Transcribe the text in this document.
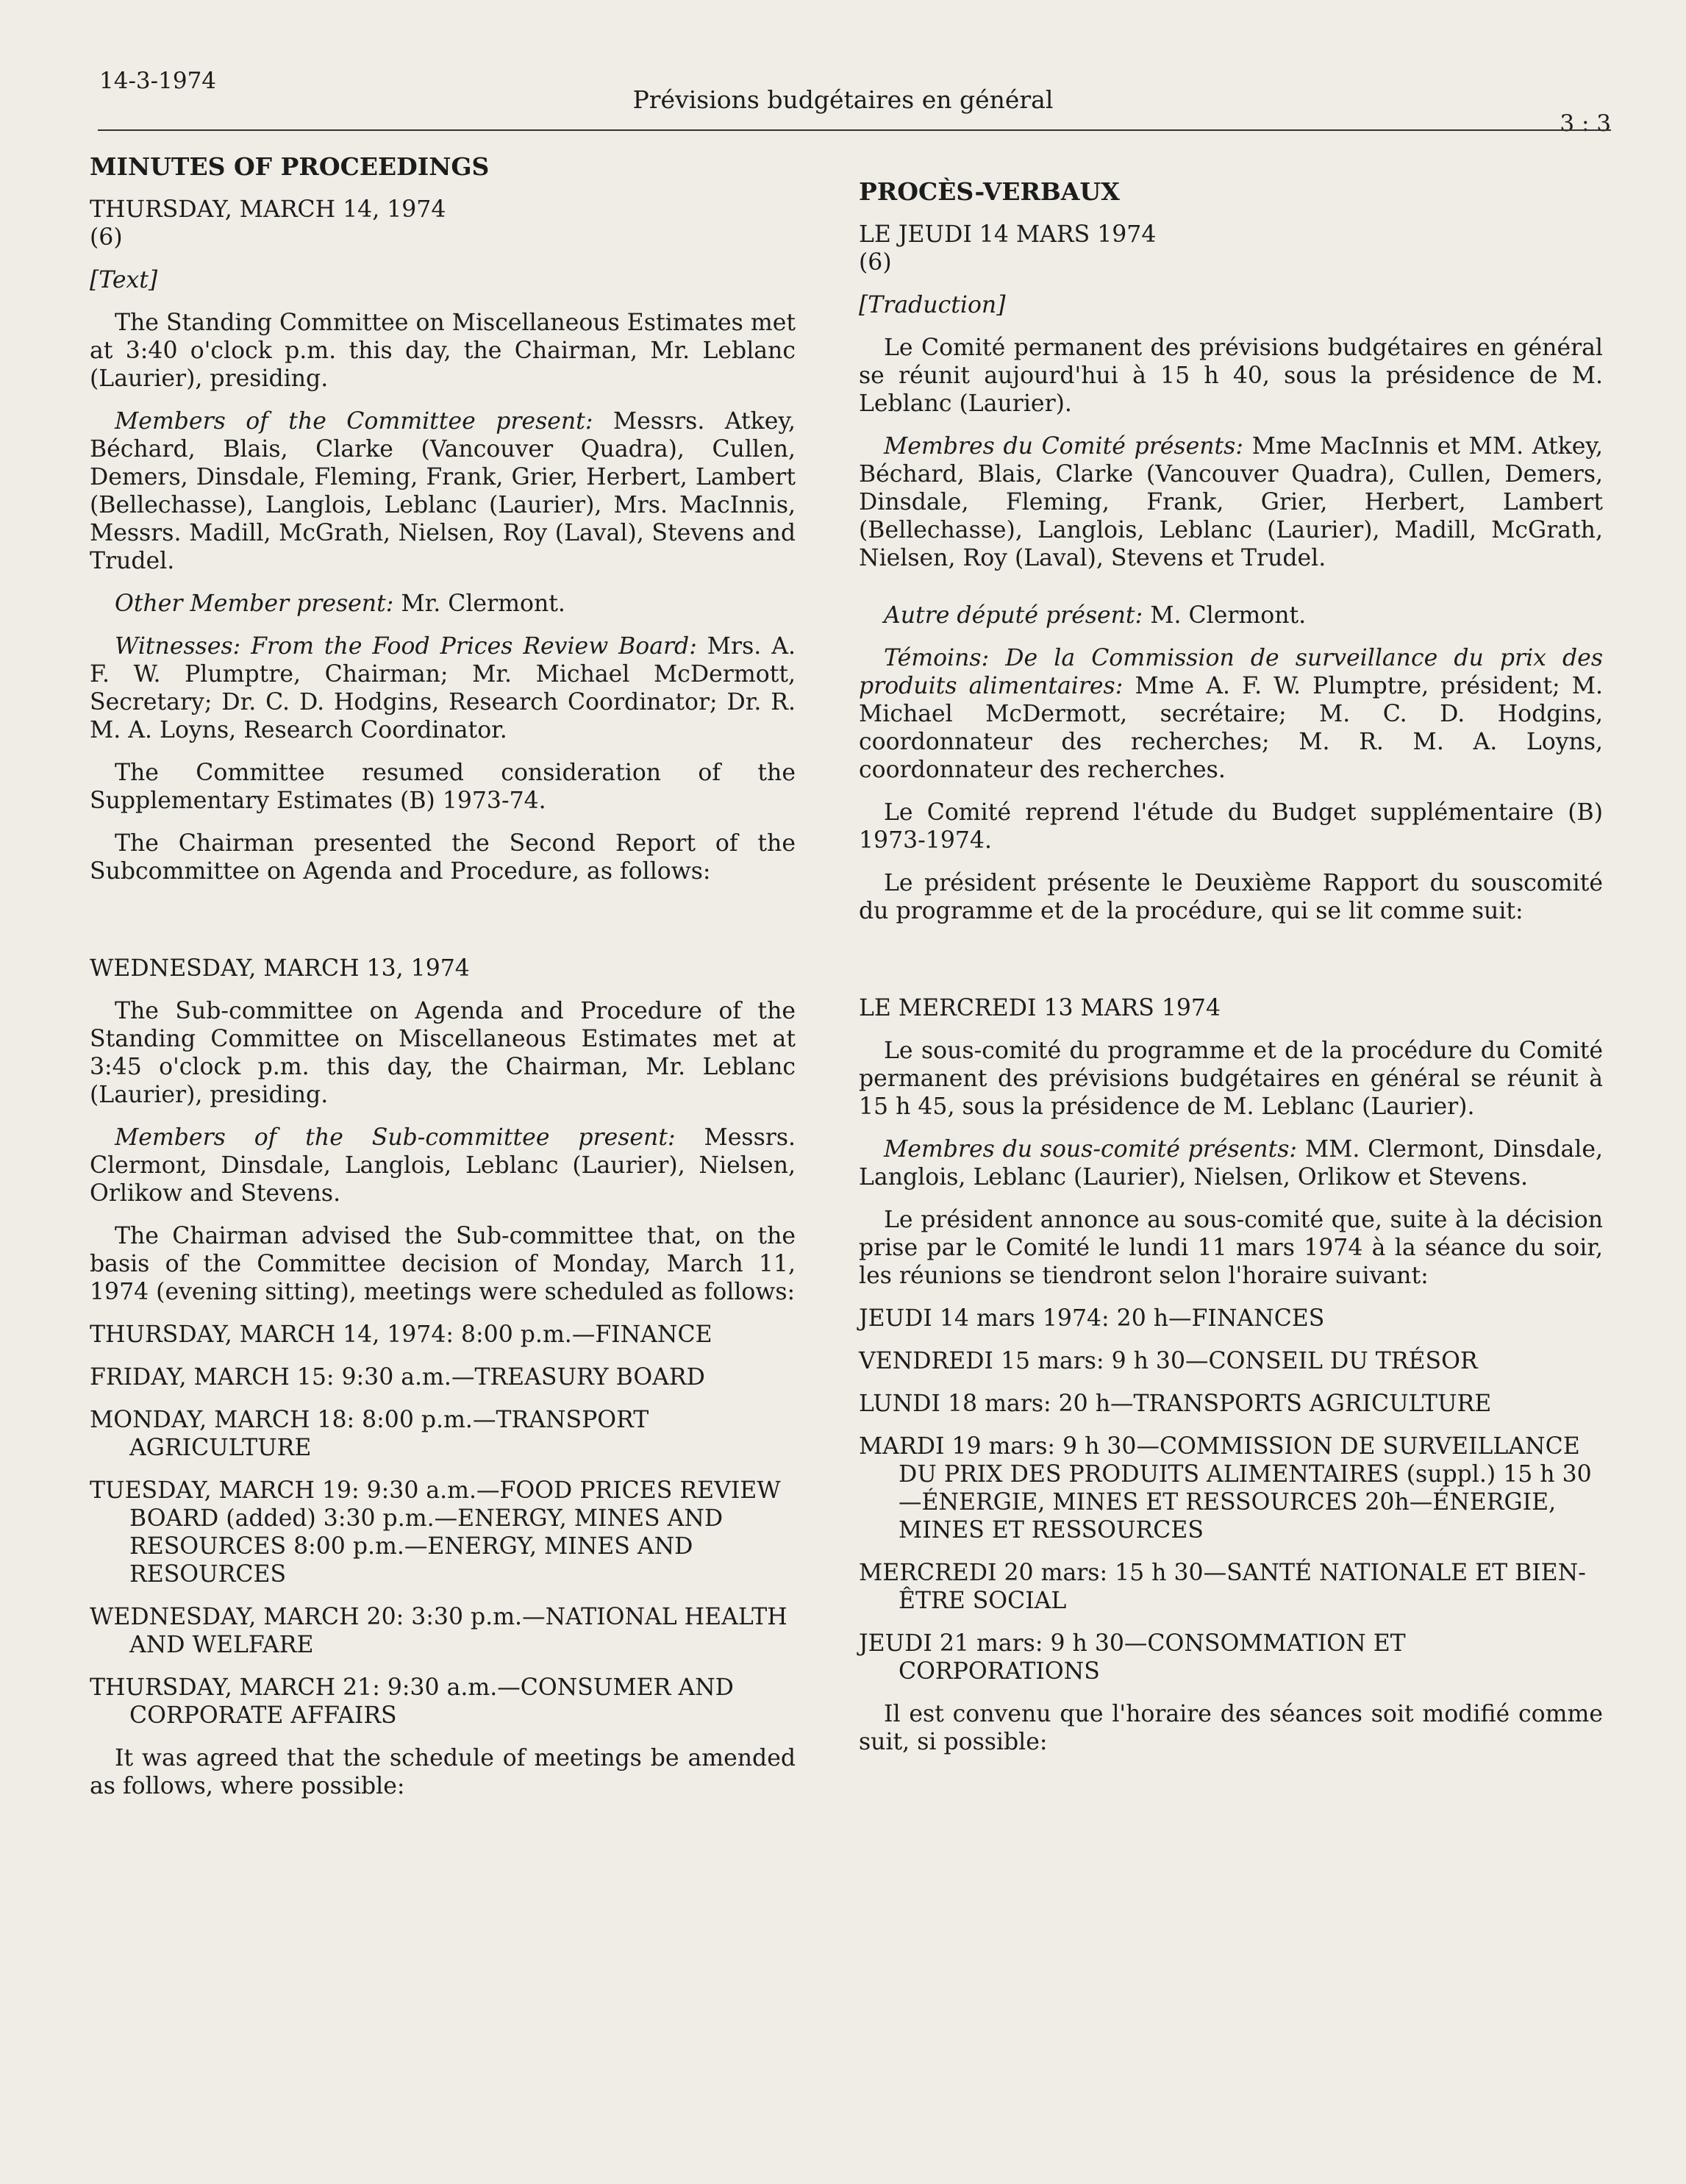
14-3-1974
Prévisions budgétaires en général
3 : 3

MINUTES OF PROCEEDINGS

THURSDAY, MARCH 14, 1974

(6)

[Text]

The Standing Committee on Miscellaneous Estimates met at 3:40 o'clock p.m. this day, the Chairman, Mr. Leblanc (Laurier), presiding.

Members of the Committee present: Messrs. Atkey, Béchard, Blais, Clarke (Vancouver Quadra), Cullen, Demers, Dinsdale, Fleming, Frank, Grier, Herbert, Lambert (Bellechasse), Langlois, Leblanc (Laurier), Mrs. MacInnis, Messrs. Madill, McGrath, Nielsen, Roy (Laval), Stevens and Trudel.

Other Member present: Mr. Clermont.

Witnesses: From the Food Prices Review Board: Mrs. A. F. W. Plumptre, Chairman; Mr. Michael McDermott, Secretary; Dr. C. D. Hodgins, Research Coordinator; Dr. R. M. A. Loyns, Research Coordinator.

The Committee resumed consideration of the Supplementary Estimates (B) 1973-74.

The Chairman presented the Second Report of the Subcommittee on Agenda and Procedure, as follows:

WEDNESDAY, MARCH 13, 1974

The Sub-committee on Agenda and Procedure of the Standing Committee on Miscellaneous Estimates met at 3:45 o'clock p.m. this day, the Chairman, Mr. Leblanc (Laurier), presiding.

Members of the Sub-committee present: Messrs. Clermont, Dinsdale, Langlois, Leblanc (Laurier), Nielsen, Orlikow and Stevens.

The Chairman advised the Sub-committee that, on the basis of the Committee decision of Monday, March 11, 1974 (evening sitting), meetings were scheduled as follows:

THURSDAY, MARCH 14, 1974: 8:00 p.m.—FINANCE

FRIDAY, MARCH 15: 9:30 a.m.—TREASURY BOARD

MONDAY, MARCH 18: 8:00 p.m.—TRANSPORT AGRICULTURE

TUESDAY, MARCH 19: 9:30 a.m.—FOOD PRICES REVIEW BOARD (added) 3:30 p.m.—ENERGY, MINES AND RESOURCES 8:00 p.m.—ENERGY, MINES AND RESOURCES

WEDNESDAY, MARCH 20: 3:30 p.m.—NATIONAL HEALTH AND WELFARE

THURSDAY, MARCH 21: 9:30 a.m.—CONSUMER AND CORPORATE AFFAIRS

It was agreed that the schedule of meetings be amended as follows, where possible:

PROCÈS-VERBAUX

LE JEUDI 14 MARS 1974

(6)

[Traduction]

Le Comité permanent des prévisions budgétaires en général se réunit aujourd'hui à 15 h 40, sous la présidence de M. Leblanc (Laurier).

Membres du Comité présents: Mme MacInnis et MM. Atkey, Béchard, Blais, Clarke (Vancouver Quadra), Cullen, Demers, Dinsdale, Fleming, Frank, Grier, Herbert, Lambert (Bellechasse), Langlois, Leblanc (Laurier), Madill, McGrath, Nielsen, Roy (Laval), Stevens et Trudel.

Autre député présent: M. Clermont.

Témoins: De la Commission de surveillance du prix des produits alimentaires: Mme A. F. W. Plumptre, président; M. Michael McDermott, secrétaire; M. C. D. Hodgins, coordonnateur des recherches; M. R. M. A. Loyns, coordonnateur des recherches.

Le Comité reprend l'étude du Budget supplémentaire (B) 1973-1974.

Le président présente le Deuxième Rapport du souscomité du programme et de la procédure, qui se lit comme suit:

LE MERCREDI 13 MARS 1974

Le sous-comité du programme et de la procédure du Comité permanent des prévisions budgétaires en général se réunit à 15 h 45, sous la présidence de M. Leblanc (Laurier).

Membres du sous-comité présents: MM. Clermont, Dinsdale, Langlois, Leblanc (Laurier), Nielsen, Orlikow et Stevens.

Le président annonce au sous-comité que, suite à la décision prise par le Comité le lundi 11 mars 1974 à la séance du soir, les réunions se tiendront selon l'horaire suivant:

JEUDI 14 mars 1974: 20 h—FINANCES

VENDREDI 15 mars: 9 h 30—CONSEIL DU TRÉSOR

LUNDI 18 mars: 20 h—TRANSPORTS AGRICULTURE

MARDI 19 mars: 9 h 30—COMMISSION DE SURVEILLANCE DU PRIX DES PRODUITS ALIMENTAIRES (suppl.) 15 h 30—ÉNERGIE, MINES ET RESSOURCES 20h—ÉNERGIE, MINES ET RESSOURCES

MERCREDI 20 mars: 15 h 30—SANTÉ NATIONALE ET BIEN-ÊTRE SOCIAL

JEUDI 21 mars: 9 h 30—CONSOMMATION ET CORPORATIONS

Il est convenu que l'horaire des séances soit modifié comme suit, si possible:
